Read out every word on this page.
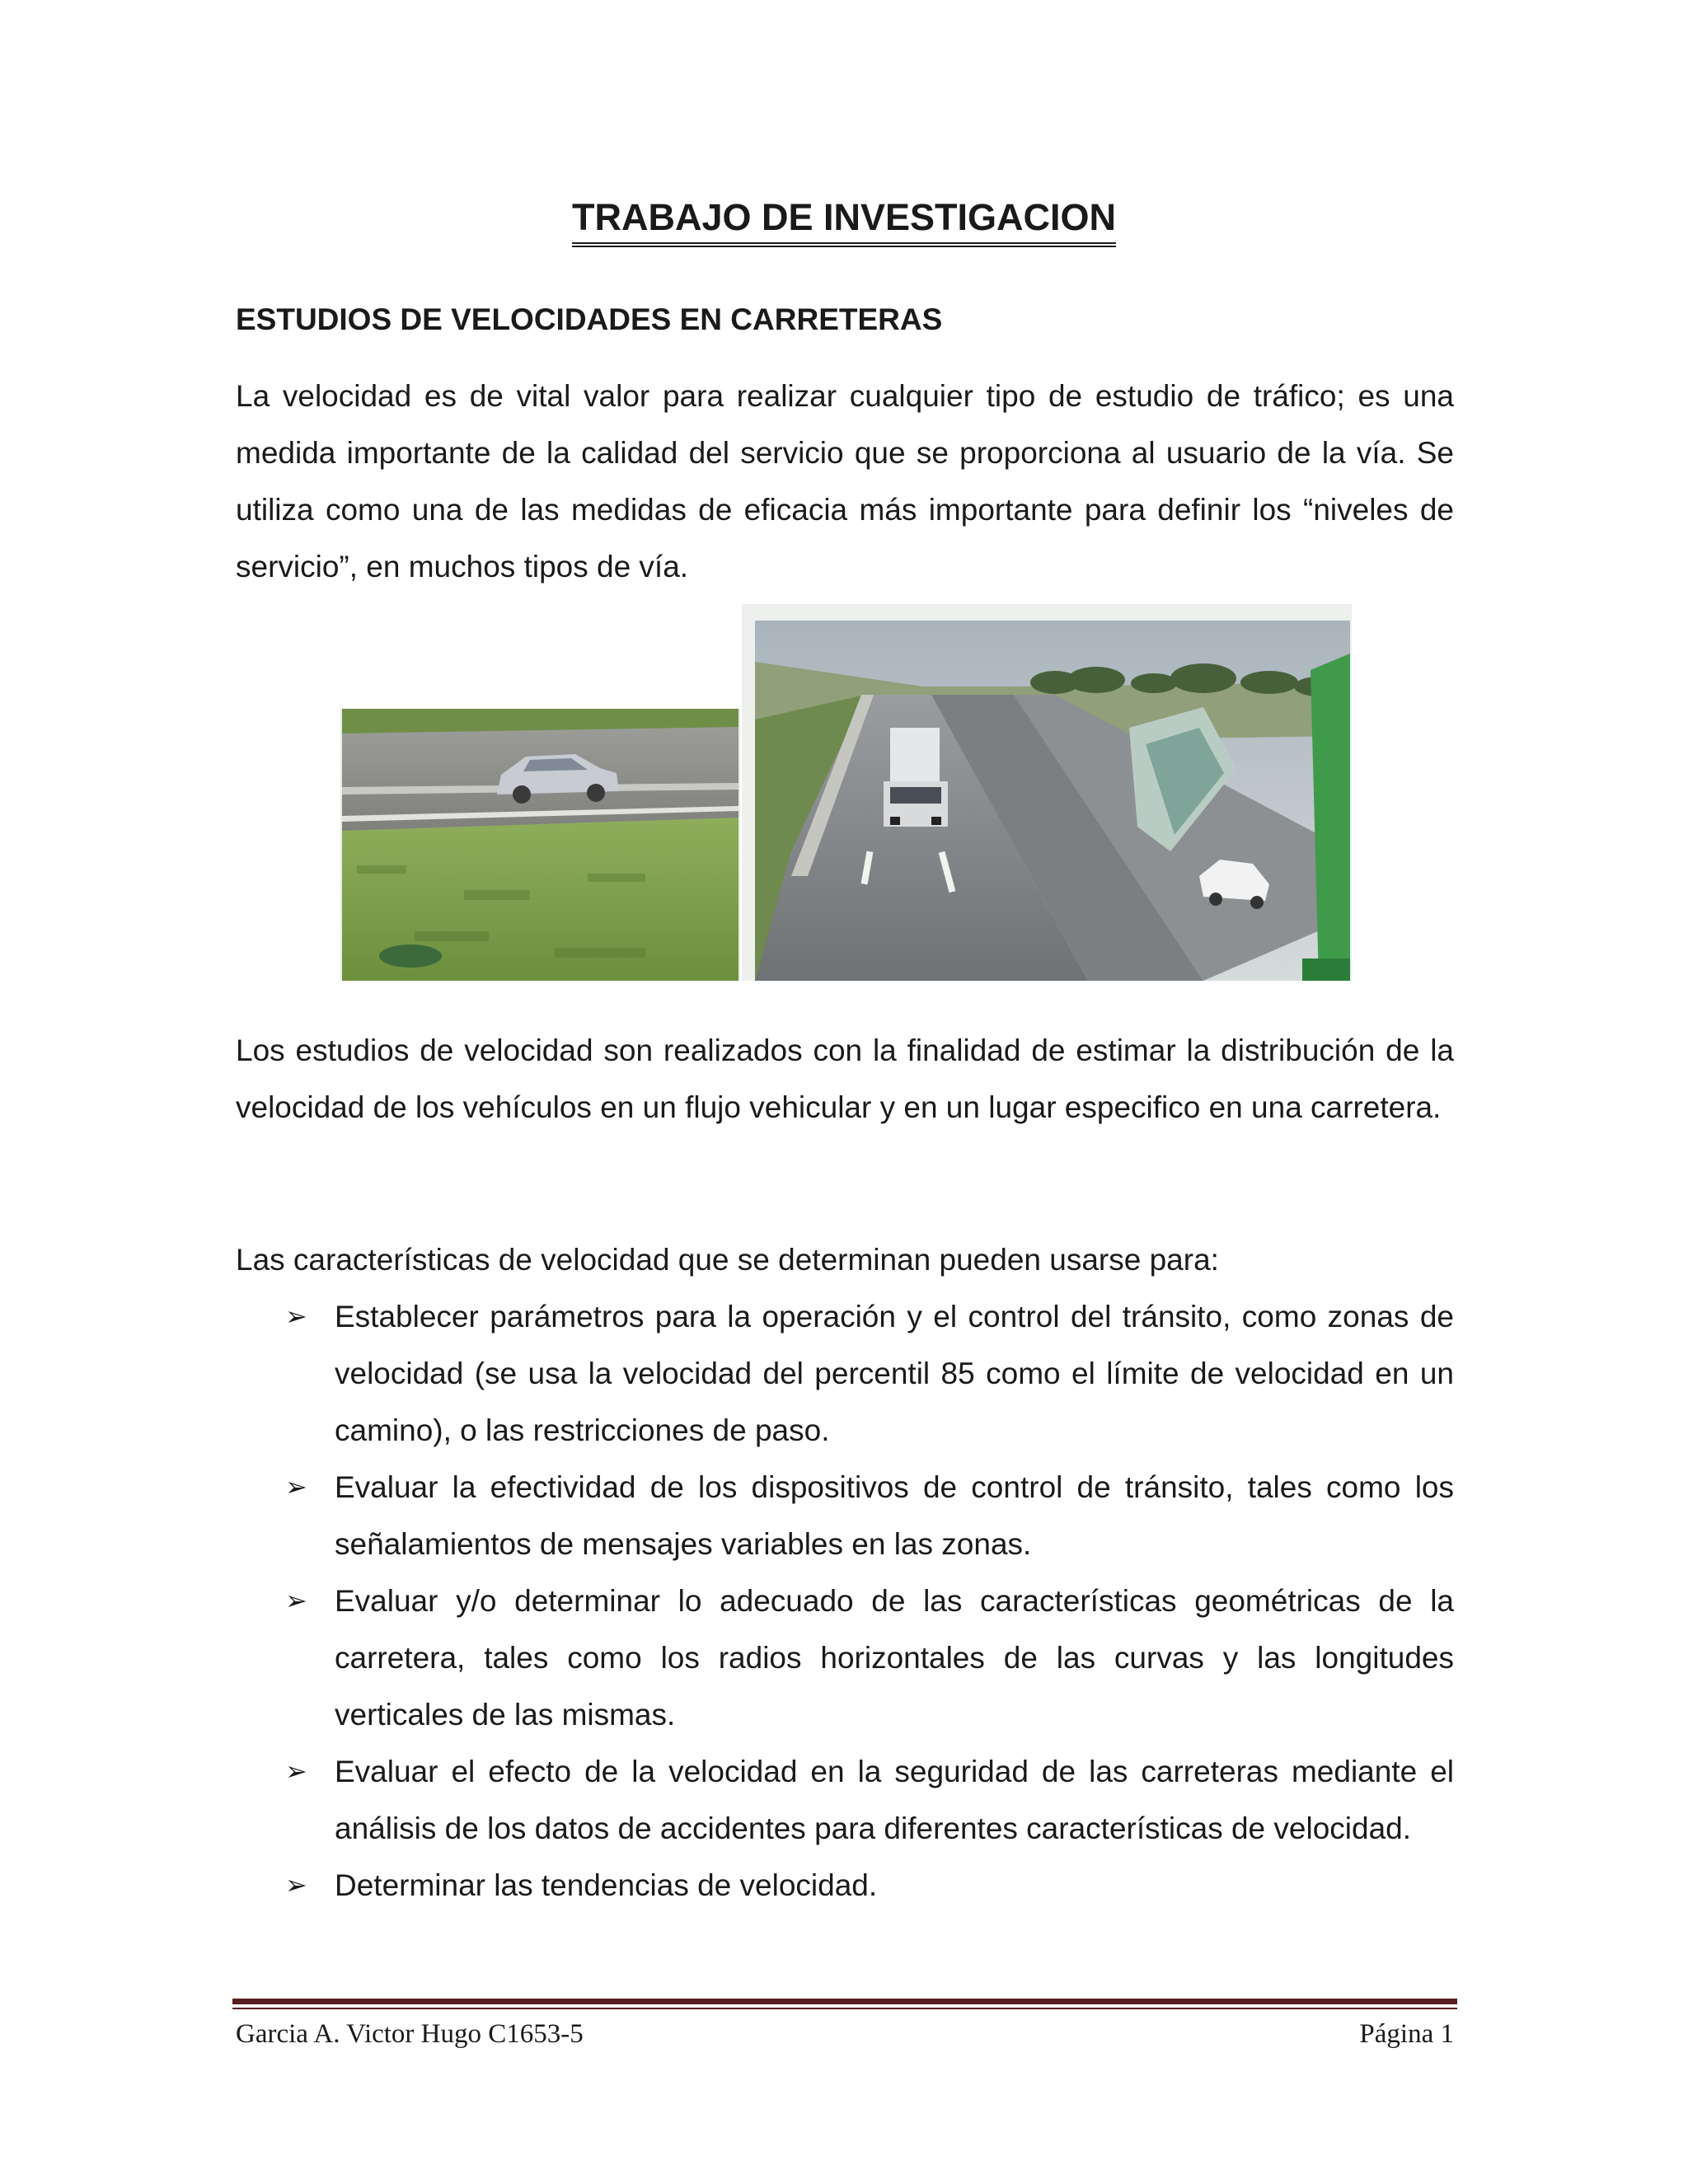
TRABAJO DE INVESTIGACION
ESTUDIOS DE VELOCIDADES EN CARRETERAS

La velocidad es de vital valor para realizar cualquier tipo de estudio de tráfico; es una medida importante de la calidad del servicio que se proporciona al usuario de la vía. Se utiliza como una de las medidas de eficacia más importante para definir los “niveles de servicio”, en muchos tipos de vía.

Los estudios de velocidad son realizados con la finalidad de estimar la distribución de la velocidad de los vehículos en un flujo vehicular y en un lugar especifico en una carretera.

Las características de velocidad que se determinan pueden usarse para:

➢ Establecer parámetros para la operación y el control del tránsito, como zonas de velocidad (se usa la velocidad del percentil 85 como el límite de velocidad en un camino), o las restricciones de paso.
➢ Evaluar la efectividad de los dispositivos de control de tránsito, tales como los señalamientos de mensajes variables en las zonas.
➢ Evaluar y/o determinar lo adecuado de las características geométricas de la carretera, tales como los radios horizontales de las curvas y las longitudes verticales de las mismas.
➢ Evaluar el efecto de la velocidad en la seguridad de las carreteras mediante el análisis de los datos de accidentes para diferentes características de velocidad.
➢ Determinar las tendencias de velocidad.
Garcia A. Victor Hugo C1653-5	Página 1
